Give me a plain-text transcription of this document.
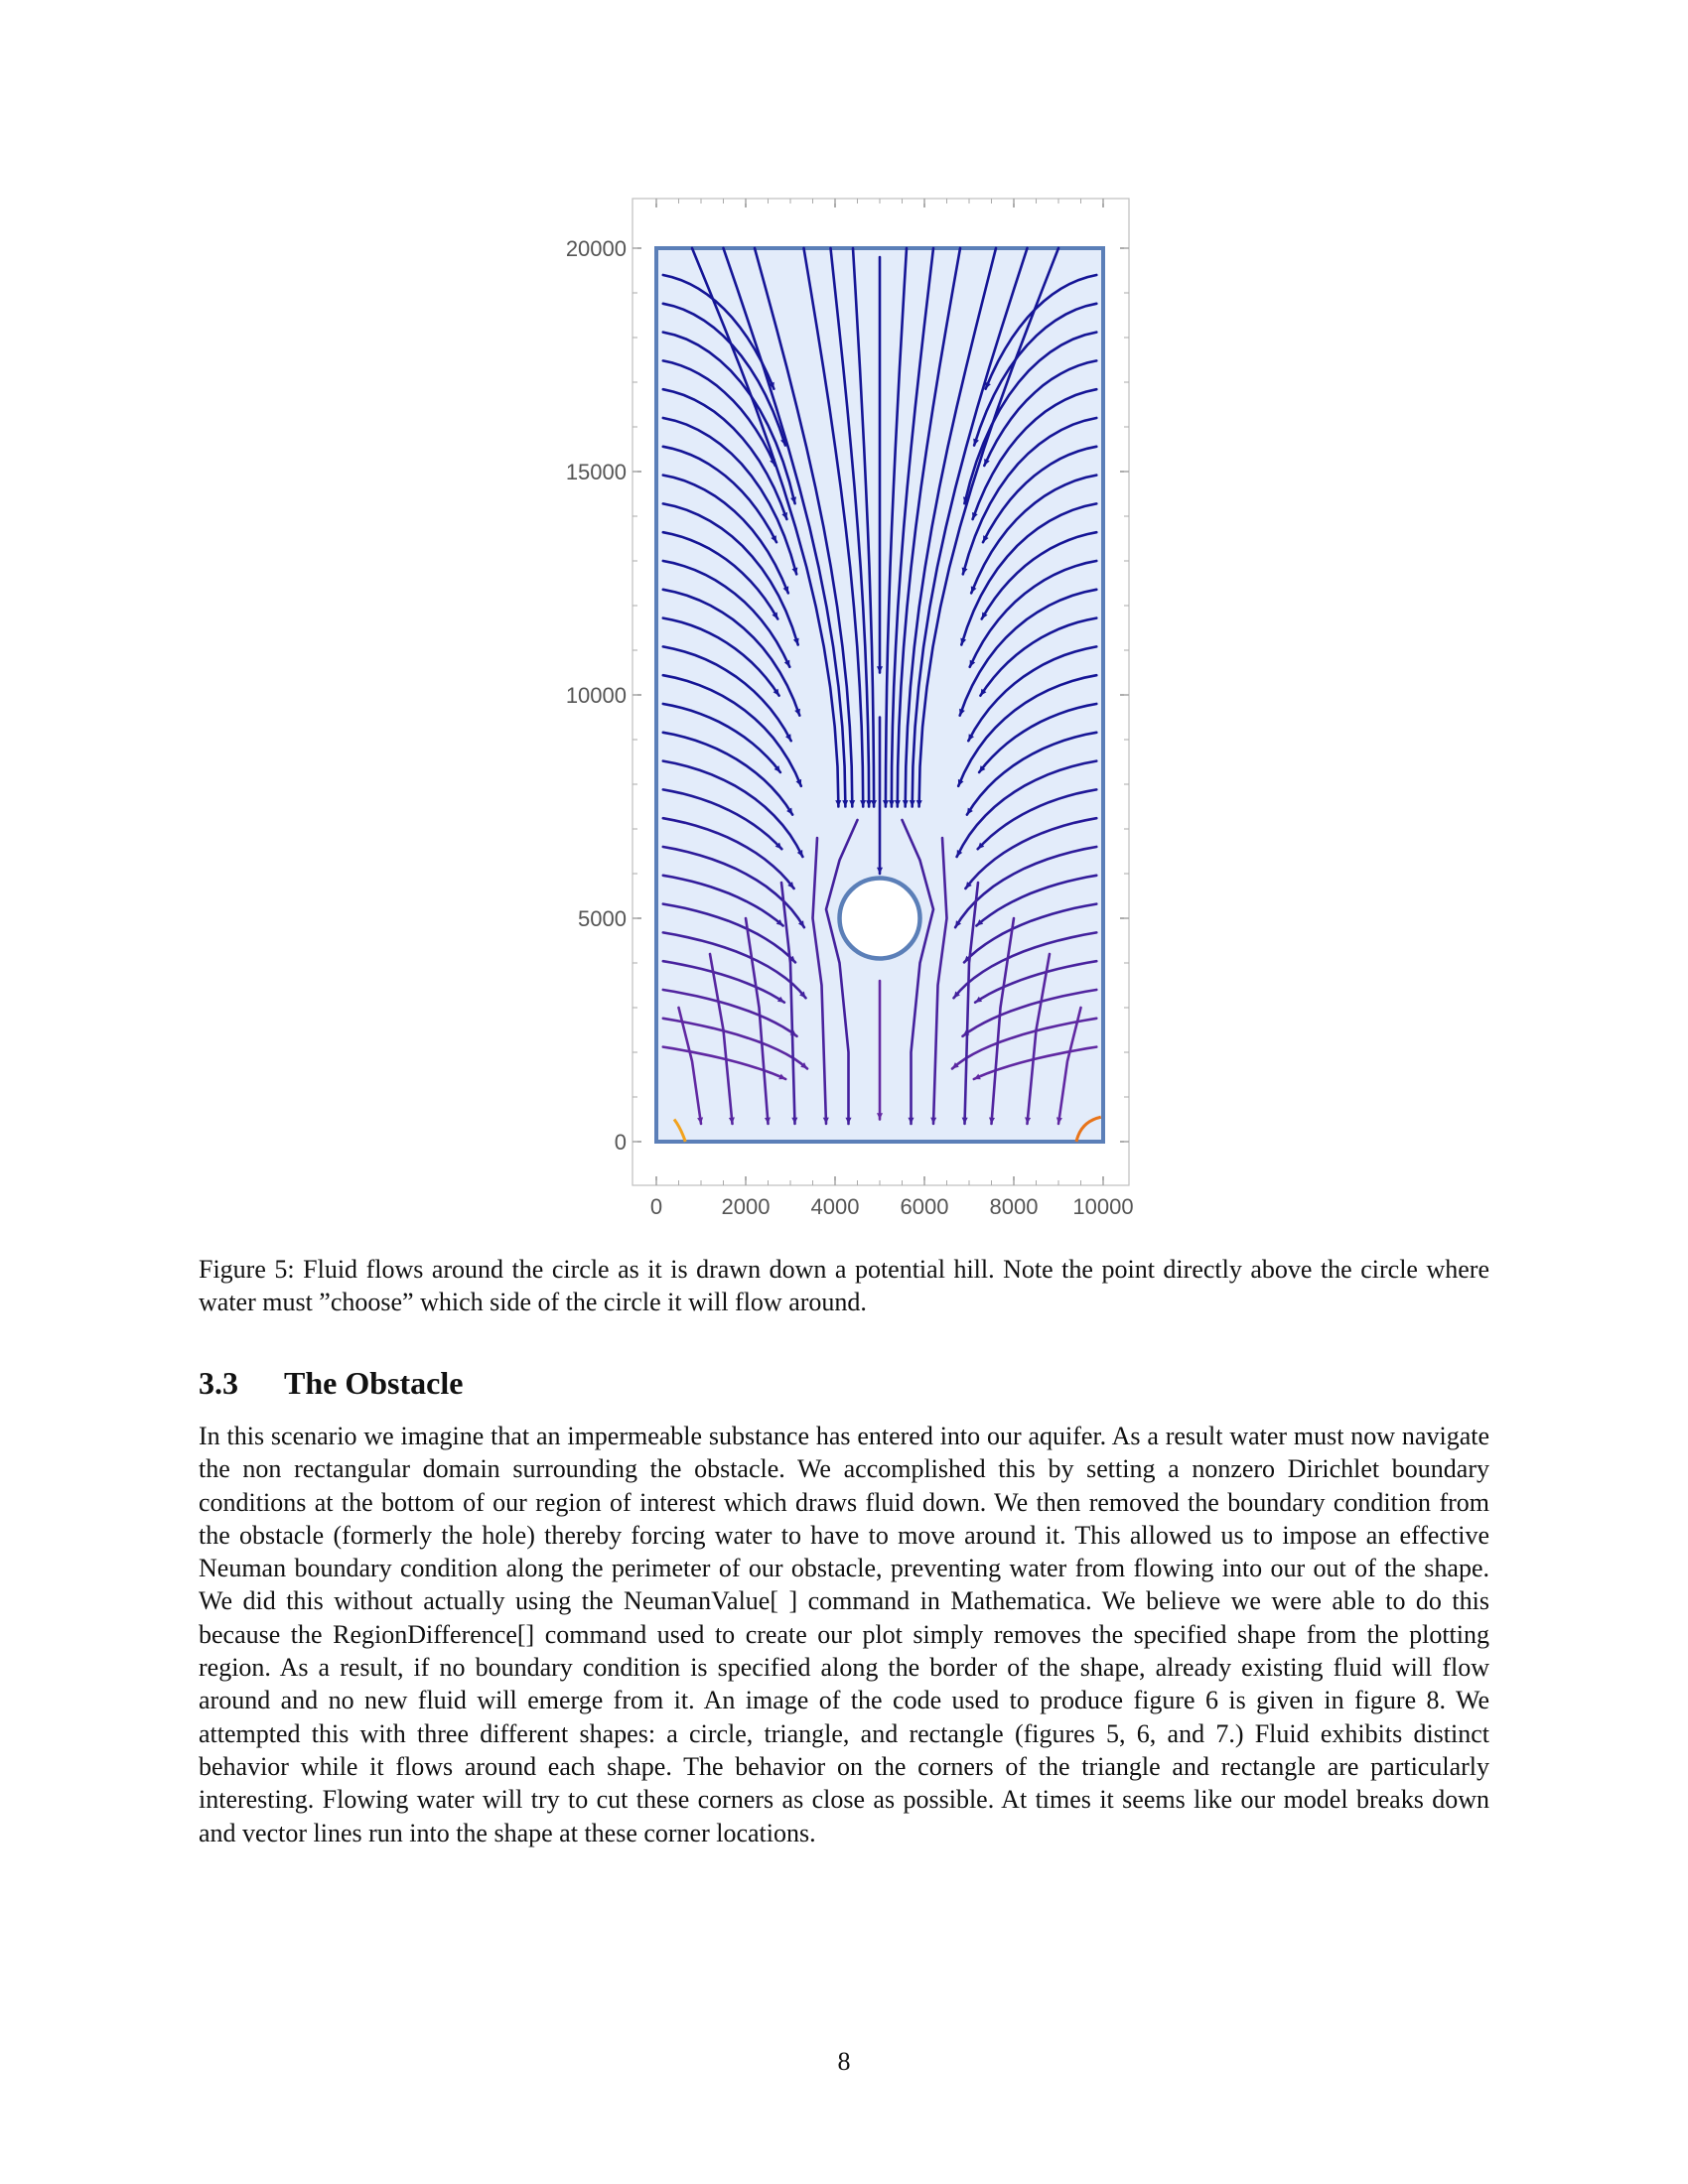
0	2000 4000 6000 8000 10000
0
5000
10000
15000
20000
Figure 5: Fluid flows around the circle as it is drawn down a potential hill. Note the point directly above the circle where water must ”choose” which side of the circle it will flow around.
3.3 The Obstacle

In this scenario we imagine that an impermeable substance has entered into our aquifer. As a result water must now navigate the non rectangular domain surrounding the obstacle. We accomplished this by setting a nonzero Dirichlet boundary conditions at the bottom of our region of interest which draws fluid down. We then removed the boundary condition from the obstacle (formerly the hole) thereby forcing water to have to move around it. This allowed us to impose an effective Neuman boundary condition along the perimeter of our obstacle, preventing water from flowing into our out of the shape. We did this without actually using the NeumanValue[ ] command in Mathematica. We believe we were able to do this because the RegionDifference[] command used to create our plot simply removes the specified shape from the plotting region. As a result, if no boundary condition is specified along the border of the shape, already existing fluid will flow around and no new fluid will emerge from it. An image of the code used to produce figure 6 is given in figure 8. We attempted this with three different shapes: a circle, triangle, and rectangle (figures 5, 6, and 7.) Fluid exhibits distinct behavior while it flows around each shape. The behavior on the corners of the triangle and rectangle are particularly interesting. Flowing water will try to cut these corners as close as possible. At times it seems like our model breaks down and vector lines run into the shape at these corner locations.

8
